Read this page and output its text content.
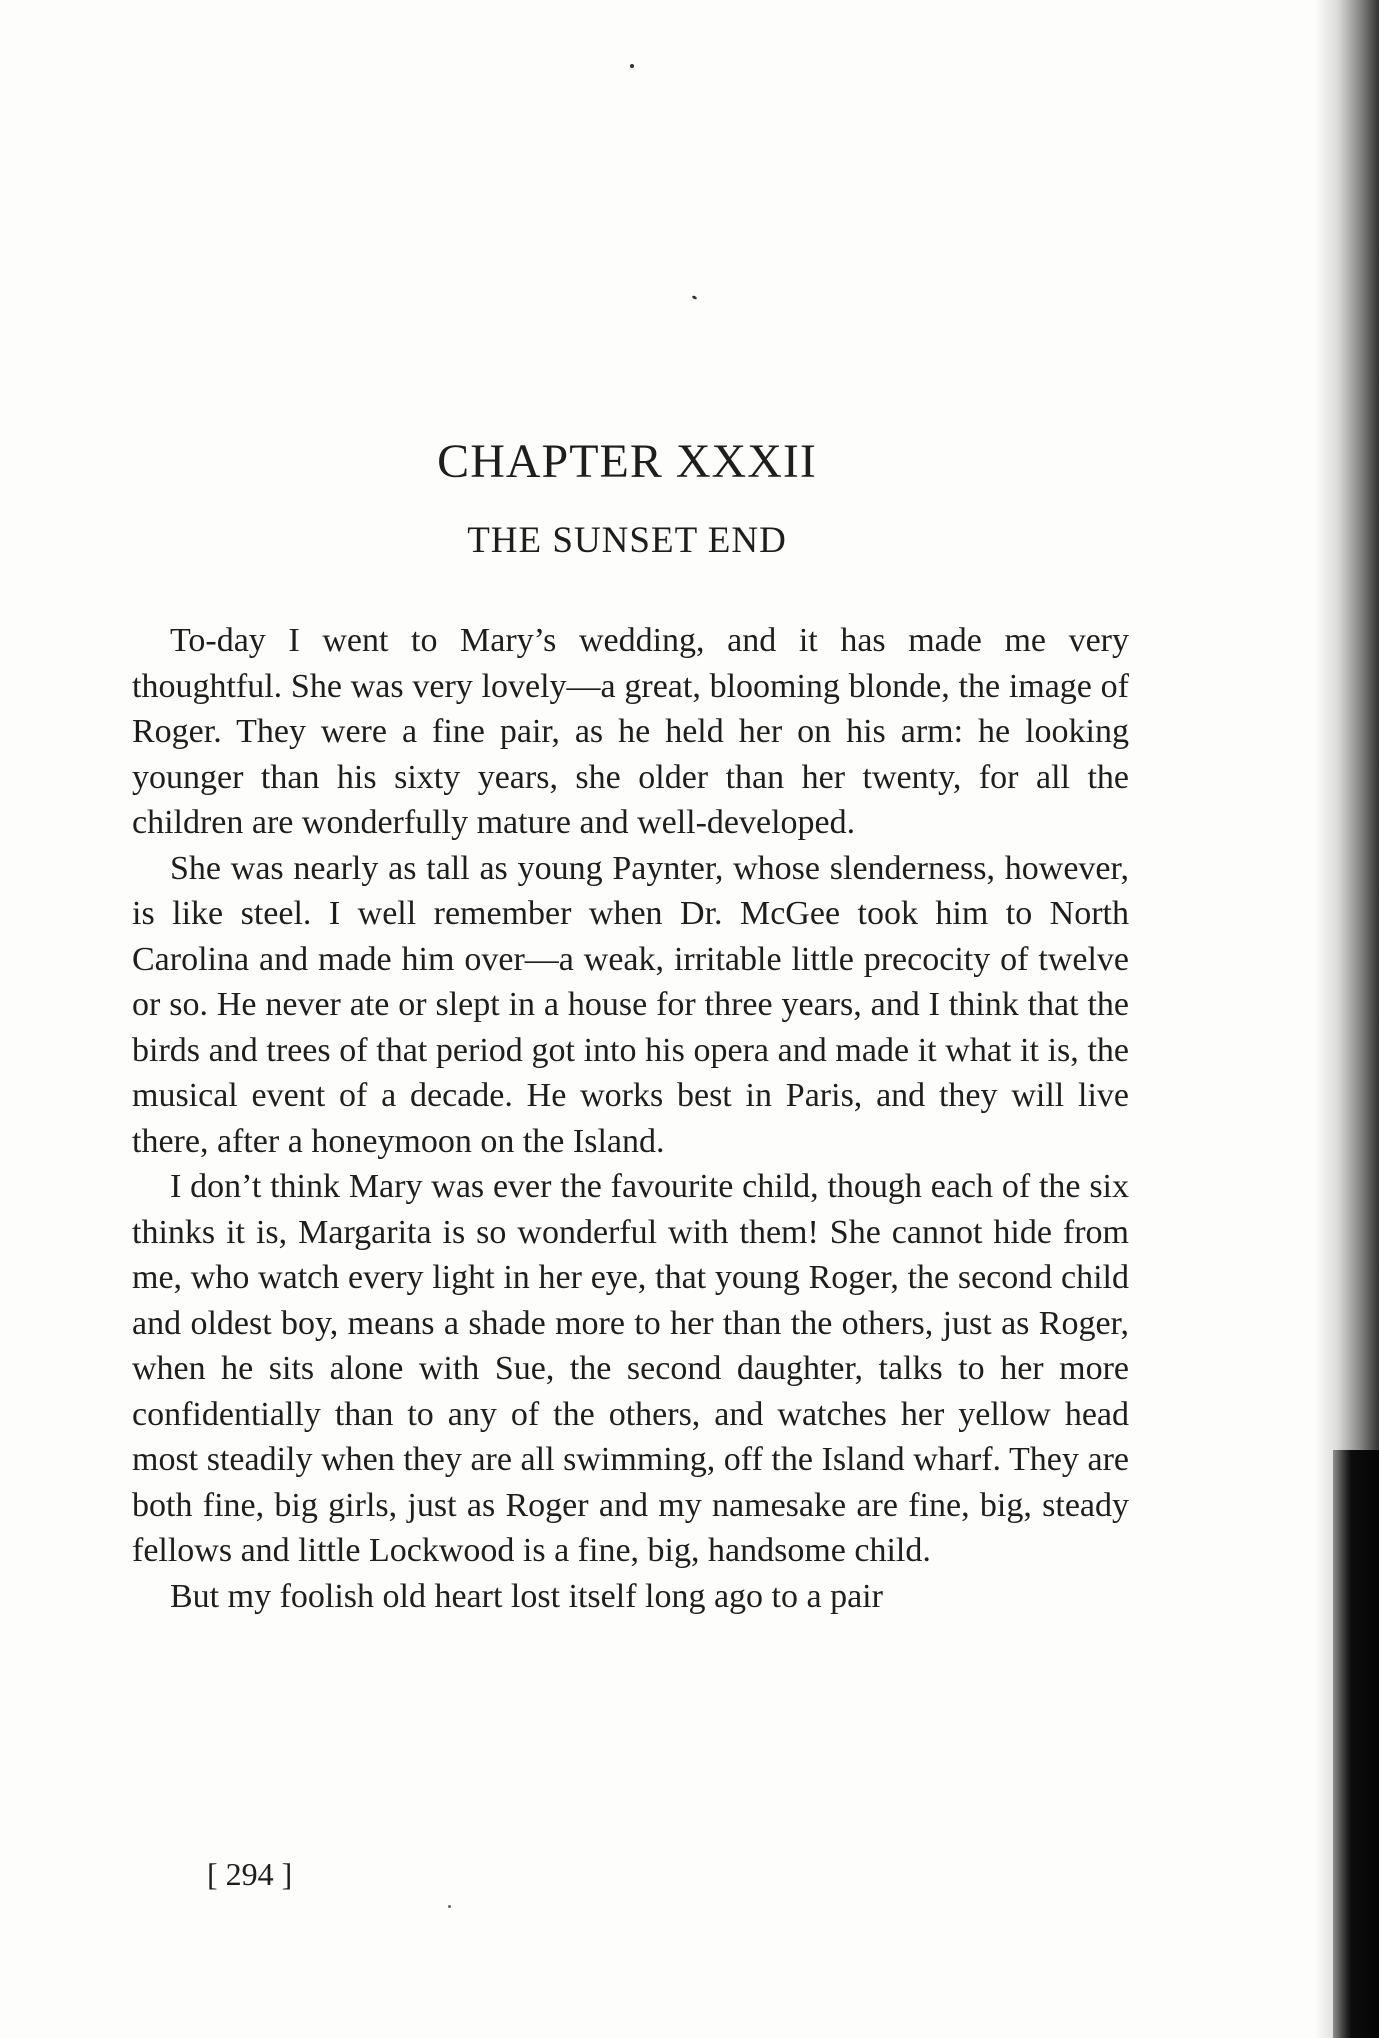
CHAPTER XXXII
THE SUNSET END

To-day I went to Mary’s wedding, and it has made me very thoughtful. She was very lovely—a great, blooming blonde, the image of Roger. They were a fine pair, as he held her on his arm: he looking younger than his sixty years, she older than her twenty, for all the children are wonderfully mature and well-developed.

She was nearly as tall as young Paynter, whose slenderness, however, is like steel. I well remember when Dr. McGee took him to North Carolina and made him over—a weak, irritable little precocity of twelve or so. He never ate or slept in a house for three years, and I think that the birds and trees of that period got into his opera and made it what it is, the musical event of a decade. He works best in Paris, and they will live there, after a honeymoon on the Island.

I don’t think Mary was ever the favourite child, though each of the six thinks it is, Margarita is so wonderful with them! She cannot hide from me, who watch every light in her eye, that young Roger, the second child and oldest boy, means a shade more to her than the others, just as Roger, when he sits alone with Sue, the second daughter, talks to her more confidentially than to any of the others, and watches her yellow head most steadily when they are all swimming, off the Island wharf. They are both fine, big girls, just as Roger and my namesake are fine, big, steady fellows and little Lockwood is a fine, big, handsome child.

But my foolish old heart lost itself long ago to a pair

[ 294 ]
